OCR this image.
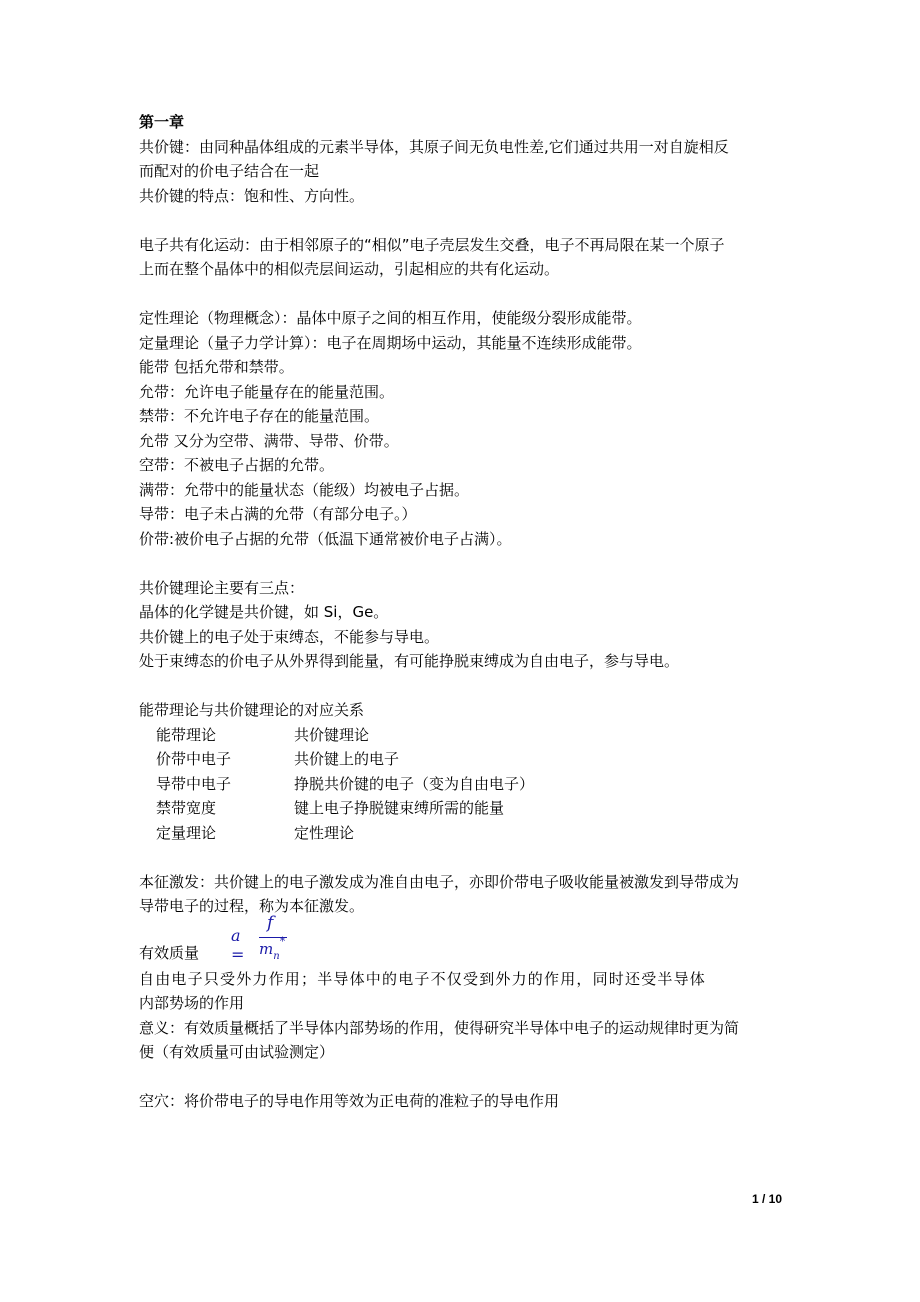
第一章

共价键：由同种晶体组成的元素半导体，其原子间无负电性差,它们通过共用一对自旋相反

而配对的价电子结合在一起

共价键的特点：饱和性、方向性。

电子共有化运动：由于相邻原子的“相似”电子壳层发生交叠，电子不再局限在某一个原子

上而在整个晶体中的相似壳层间运动，引起相应的共有化运动。

定性理论（物理概念）：晶体中原子之间的相互作用，使能级分裂形成能带。

定量理论（量子力学计算）：电子在周期场中运动，其能量不连续形成能带。

能带 包括允带和禁带。

允带：允许电子能量存在的能量范围。

禁带：不允许电子存在的能量范围。

允带 又分为空带、满带、导带、价带。

空带：不被电子占据的允带。

满带：允带中的能量状态（能级）均被电子占据。

导带：电子未占满的允带（有部分电子。）

价带:被价电子占据的允带（低温下通常被价电子占满）。

共价键理论主要有三点：

晶体的化学键是共价键，如 Si，Ge。

共价键上的电子处于束缚态，不能参与导电。

处于束缚态的价电子从外界得到能量，有可能挣脱束缚成为自由电子，参与导电。

能带理论与共价键理论的对应关系

能带理论	共价键理论
价带中电子	共价键上的电子
导带中电子	挣脱共价键的电子（变为自由电子）
禁带宽度	键上电子挣脱键束缚所需的能量
定量理论	定性理论

本征激发：共价键上的电子激发成为准自由电子，亦即价带电子吸收能量被激发到导带成为

导带电子的过程，称为本征激发。

有效质量
a =
f
$m_n^*$

自由电子只受外力作用；半导体中的电子不仅受到外力的作用，同时还受半导体

内部势场的作用

意义：有效质量概括了半导体内部势场的作用，使得研究半导体中电子的运动规律时更为简

便（有效质量可由试验测定）

空穴：将价带电子的导电作用等效为正电荷的准粒子的导电作用

1 / 10
